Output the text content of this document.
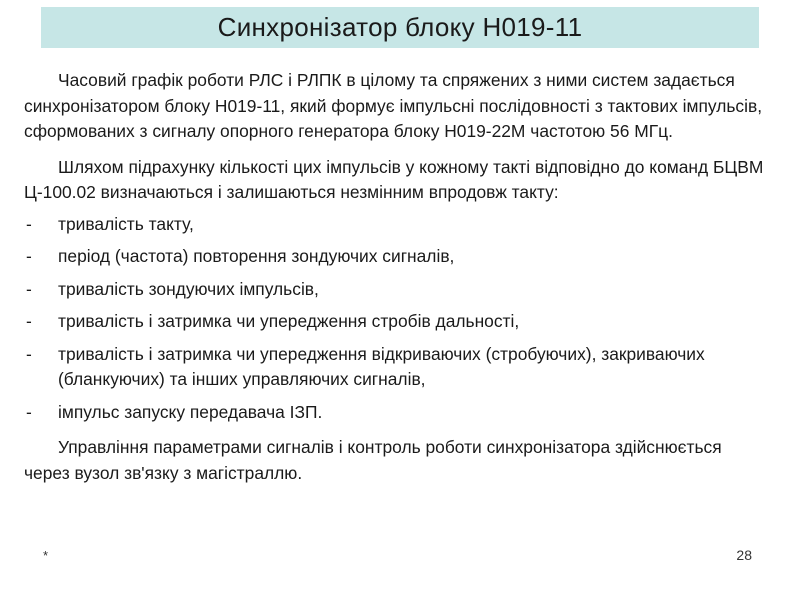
Синхронізатор блоку Н019-11

Часовий графік роботи РЛС і РЛПК в цілому та спряжених з ними систем задається синхронізатором блоку Н019-11, який формує імпульсні послідовності з тактових імпульсів, сформованих з сигналу опорного генератора блоку Н019-22М частотою 56 МГц.

Шляхом підрахунку кількості цих імпульсів у кожному такті відповідно до команд БЦВМ Ц-100.02 визначаються і залишаються незмінним впродовж такту:

-	тривалість такту,
-	період (частота) повторення зондуючих сигналів,
-	тривалість зондуючих імпульсів,
-	тривалість і затримка чи упередження стробів дальності,
-	тривалість і затримка чи упередження відкриваючих (стробуючих), закриваючих (бланкуючих) та інших управляючих сигналів,
-	імпульс запуску передавача ІЗП.

Управління параметрами сигналів і контроль роботи синхронізатора здійснюється через вузол зв'язку з магістраллю.

*	28
